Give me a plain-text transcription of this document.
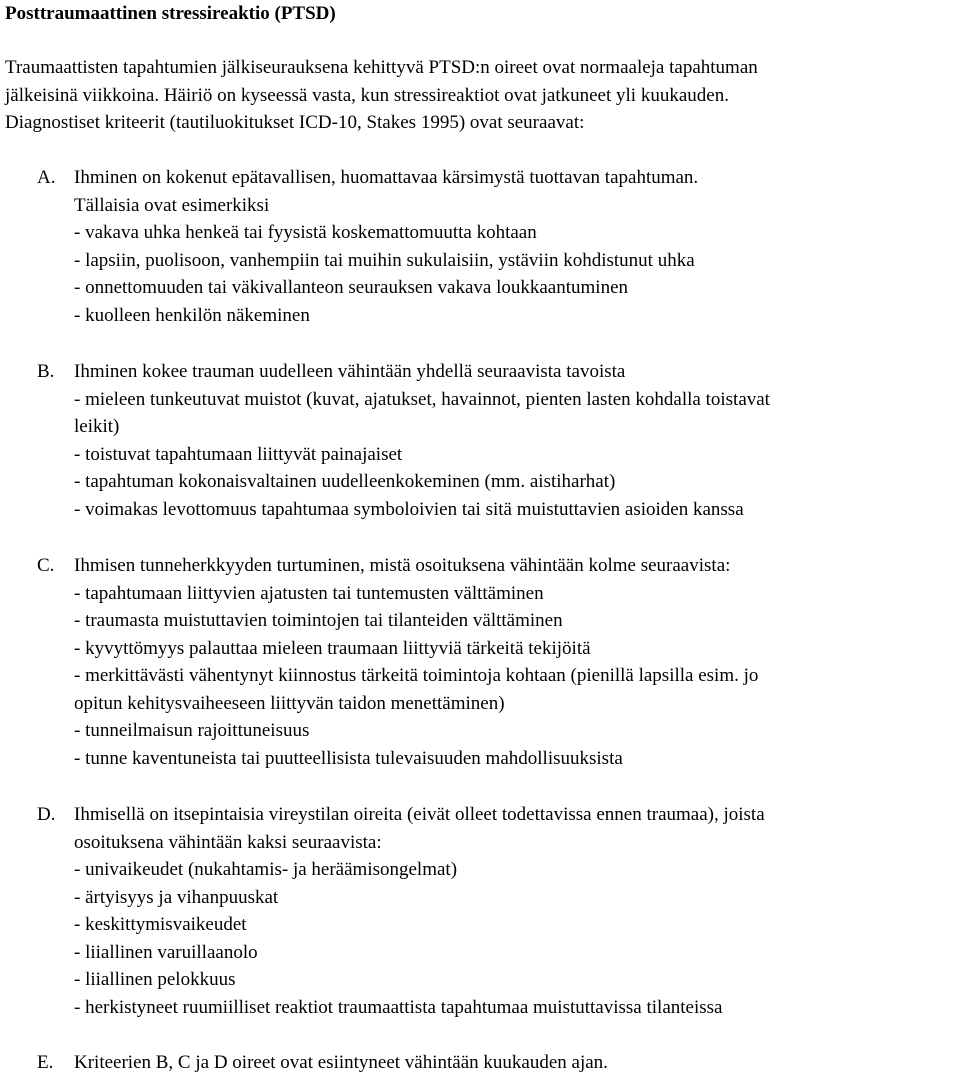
Posttraumaattinen stressireaktio (PTSD)
Traumaattisten tapahtumien jälkiseurauksena kehittyvä PTSD:n oireet ovat normaaleja tapahtuman
jälkeisinä viikkoina. Häiriö on kyseessä vasta, kun stressireaktiot ovat jatkuneet yli kuukauden.
Diagnostiset kriteerit (tautiluokitukset ICD-10, Stakes 1995) ovat seuraavat:
A. Ihminen on kokenut epätavallisen, huomattavaa kärsimystä tuottavan tapahtuman.
Tällaisia ovat esimerkiksi
- vakava uhka henkeä tai fyysistä koskemattomuutta kohtaan
- lapsiin, puolisoon, vanhempiin tai muihin sukulaisiin, ystäviin kohdistunut uhka
- onnettomuuden tai väkivallanteon seurauksen vakava loukkaantuminen
- kuolleen henkilön näkeminen
B.	Ihminen kokee trauman uudelleen vähintään yhdellä seuraavista tavoista
- mieleen tunkeutuvat muistot (kuvat, ajatukset, havainnot, pienten lasten kohdalla toistavat
leikit)
- toistuvat tapahtumaan liittyvät painajaiset
- tapahtuman kokonaisvaltainen uudelleenkokeminen (mm. aistiharhat)
- voimakas levottomuus tapahtumaa symboloivien tai sitä muistuttavien asioiden kanssa
C.	Ihmisen tunneherkkyyden turtuminen, mistä osoituksena vähintään kolme seuraavista:
- tapahtumaan liittyvien ajatusten tai tuntemusten välttäminen
- traumasta muistuttavien toimintojen tai tilanteiden välttäminen
- kyvyttömyys palauttaa mieleen traumaan liittyviä tärkeitä tekijöitä
- merkittävästi vähentynyt kiinnostus tärkeitä toimintoja kohtaan (pienillä lapsilla esim. jo
opitun kehitysvaiheeseen liittyvän taidon menettäminen)
- tunneilmaisun rajoittuneisuus
- tunne kaventuneista tai puutteellisista tulevaisuuden mahdollisuuksista
D. Ihmisellä on itsepintaisia vireystilan oireita (eivät olleet todettavissa ennen traumaa), joista
osoituksena vähintään kaksi seuraavista:
- univaikeudet (nukahtamis- ja heräämisongelmat)
- ärtyisyys ja vihanpuuskat
- keskittymisvaikeudet
- liiallinen varuillaanolo
- liiallinen pelokkuus
- herkistyneet ruumiilliset reaktiot traumaattista tapahtumaa muistuttavissa tilanteissa
E.	Kriteerien B, C ja D oireet ovat esiintyneet vähintään kuukauden ajan.
